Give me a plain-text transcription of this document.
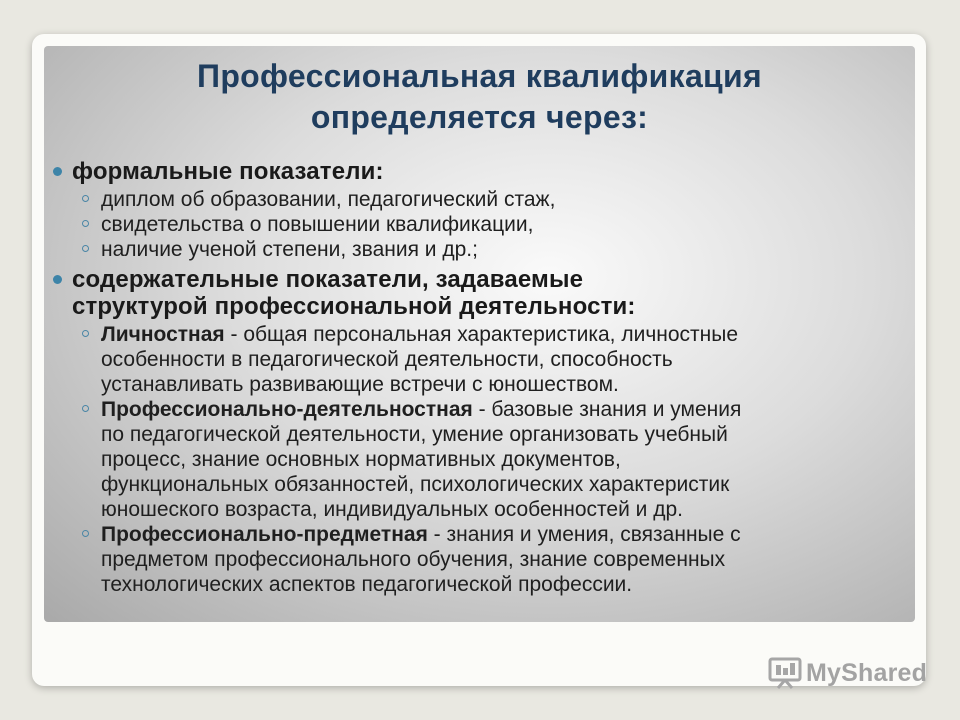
Профессиональная квалификация
определяется через:
формальные показатели:
диплом об образовании, педагогический стаж,
свидетельства о повышении квалификации,
наличие ученой степени, звания и др.;
содержательные показатели, задаваемые
структурой профессиональной деятельности:
Личностная - общая персональная характеристика, личностные
особенности в педагогической деятельности, способность
устанавливать развивающие встречи с юношеством.
Профессионально-деятельностная - базовые знания и умения
по педагогической деятельности, умение организовать учебный
процесс, знание основных нормативных документов,
функциональных обязанностей, психологических характеристик
юношеского возраста, индивидуальных особенностей и др.
Профессионально-предметная - знания и умения, связанные с
предметом профессионального обучения, знание современных
технологических аспектов педагогической профессии.
MyShared
